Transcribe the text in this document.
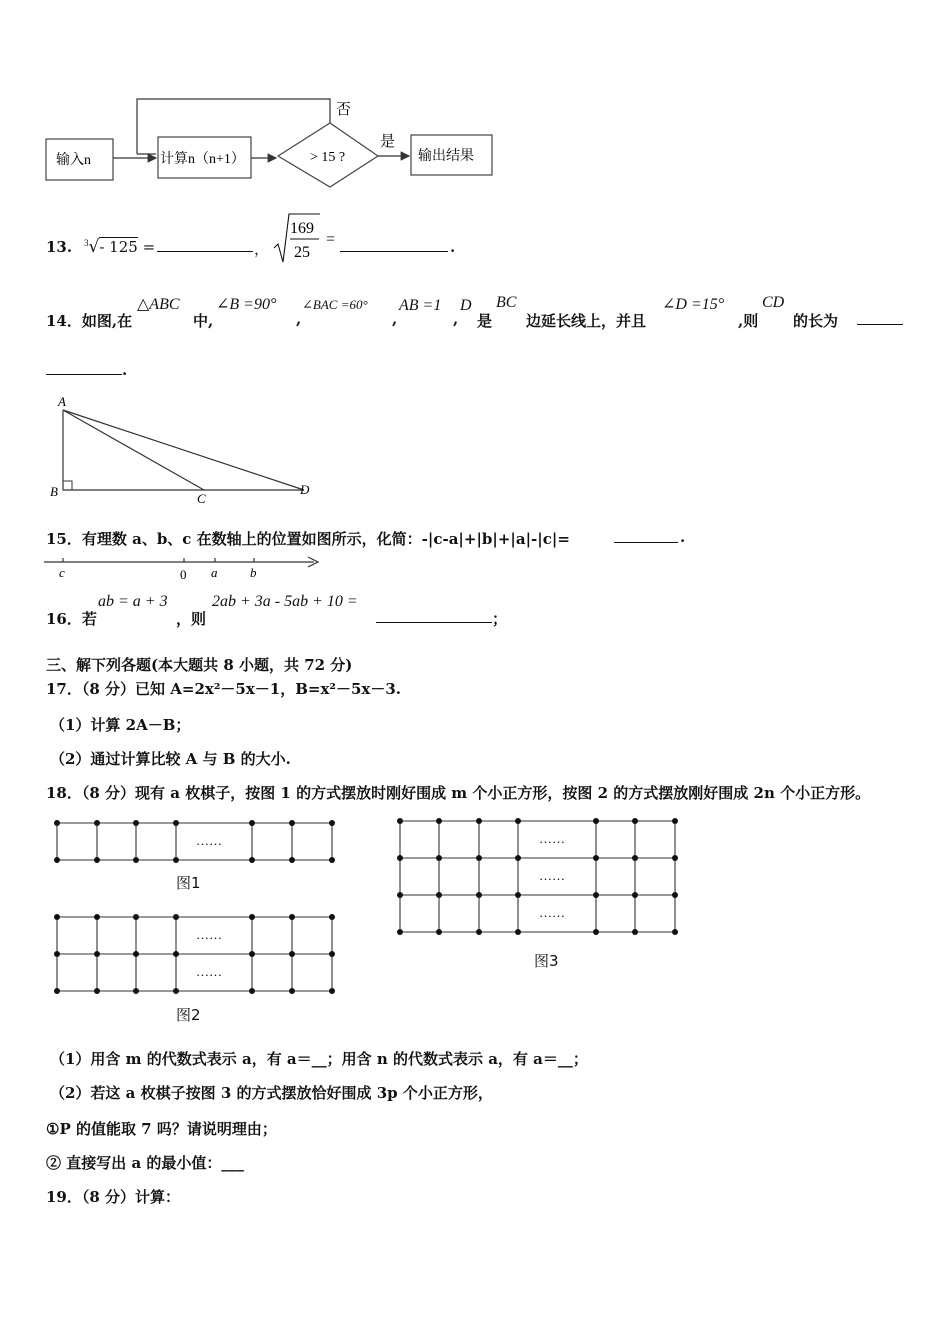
输入n	计算n（n+1）	> 15 ?
否
是
输出结果
13. $^3$√- 125 =	，
169
25
=	.
14．如图,在
△ABC
中,
∠B =90°
,
∠BAC =60°
,
AB =1
,
D
是
BC
边延长线上，并且
∠D =15°
,则
CD
的长为
.
A
B	C
D
15．有理数 a、b、c 在数轴上的位置如图所示，化简：-|c-a|+|b|+|a|-|c|=	.
c	0 a	b
16．若
ab = a + 3
，则
2ab + 3a - 5ab + 10 =
；
三、解下列各题(本大题共 8 小题，共 72 分)
17．（8 分）已知 A=2x²－5x－1，B=x²－5x－3.
（1）计算 2A－B；
（2）通过计算比较 A 与 B 的大小.
18．（8 分）现有 a 枚棋子，按图 1 的方式摆放时刚好围成 m 个小正方形，按图 2 的方式摆放刚好围成 2n 个小正方形。
……
图1
……
……
图2
……
……
……
图3
（1）用含 m 的代数式表示 a，有 a＝__；用含 n 的代数式表示 a，有 a＝__；
（2）若这 a 枚棋子按图 3 的方式摆放恰好围成 3p 个小正方形，
①P 的值能取 7 吗？请说明理由；
② 直接写出 a 的最小值：___
19．（8 分）计算：
